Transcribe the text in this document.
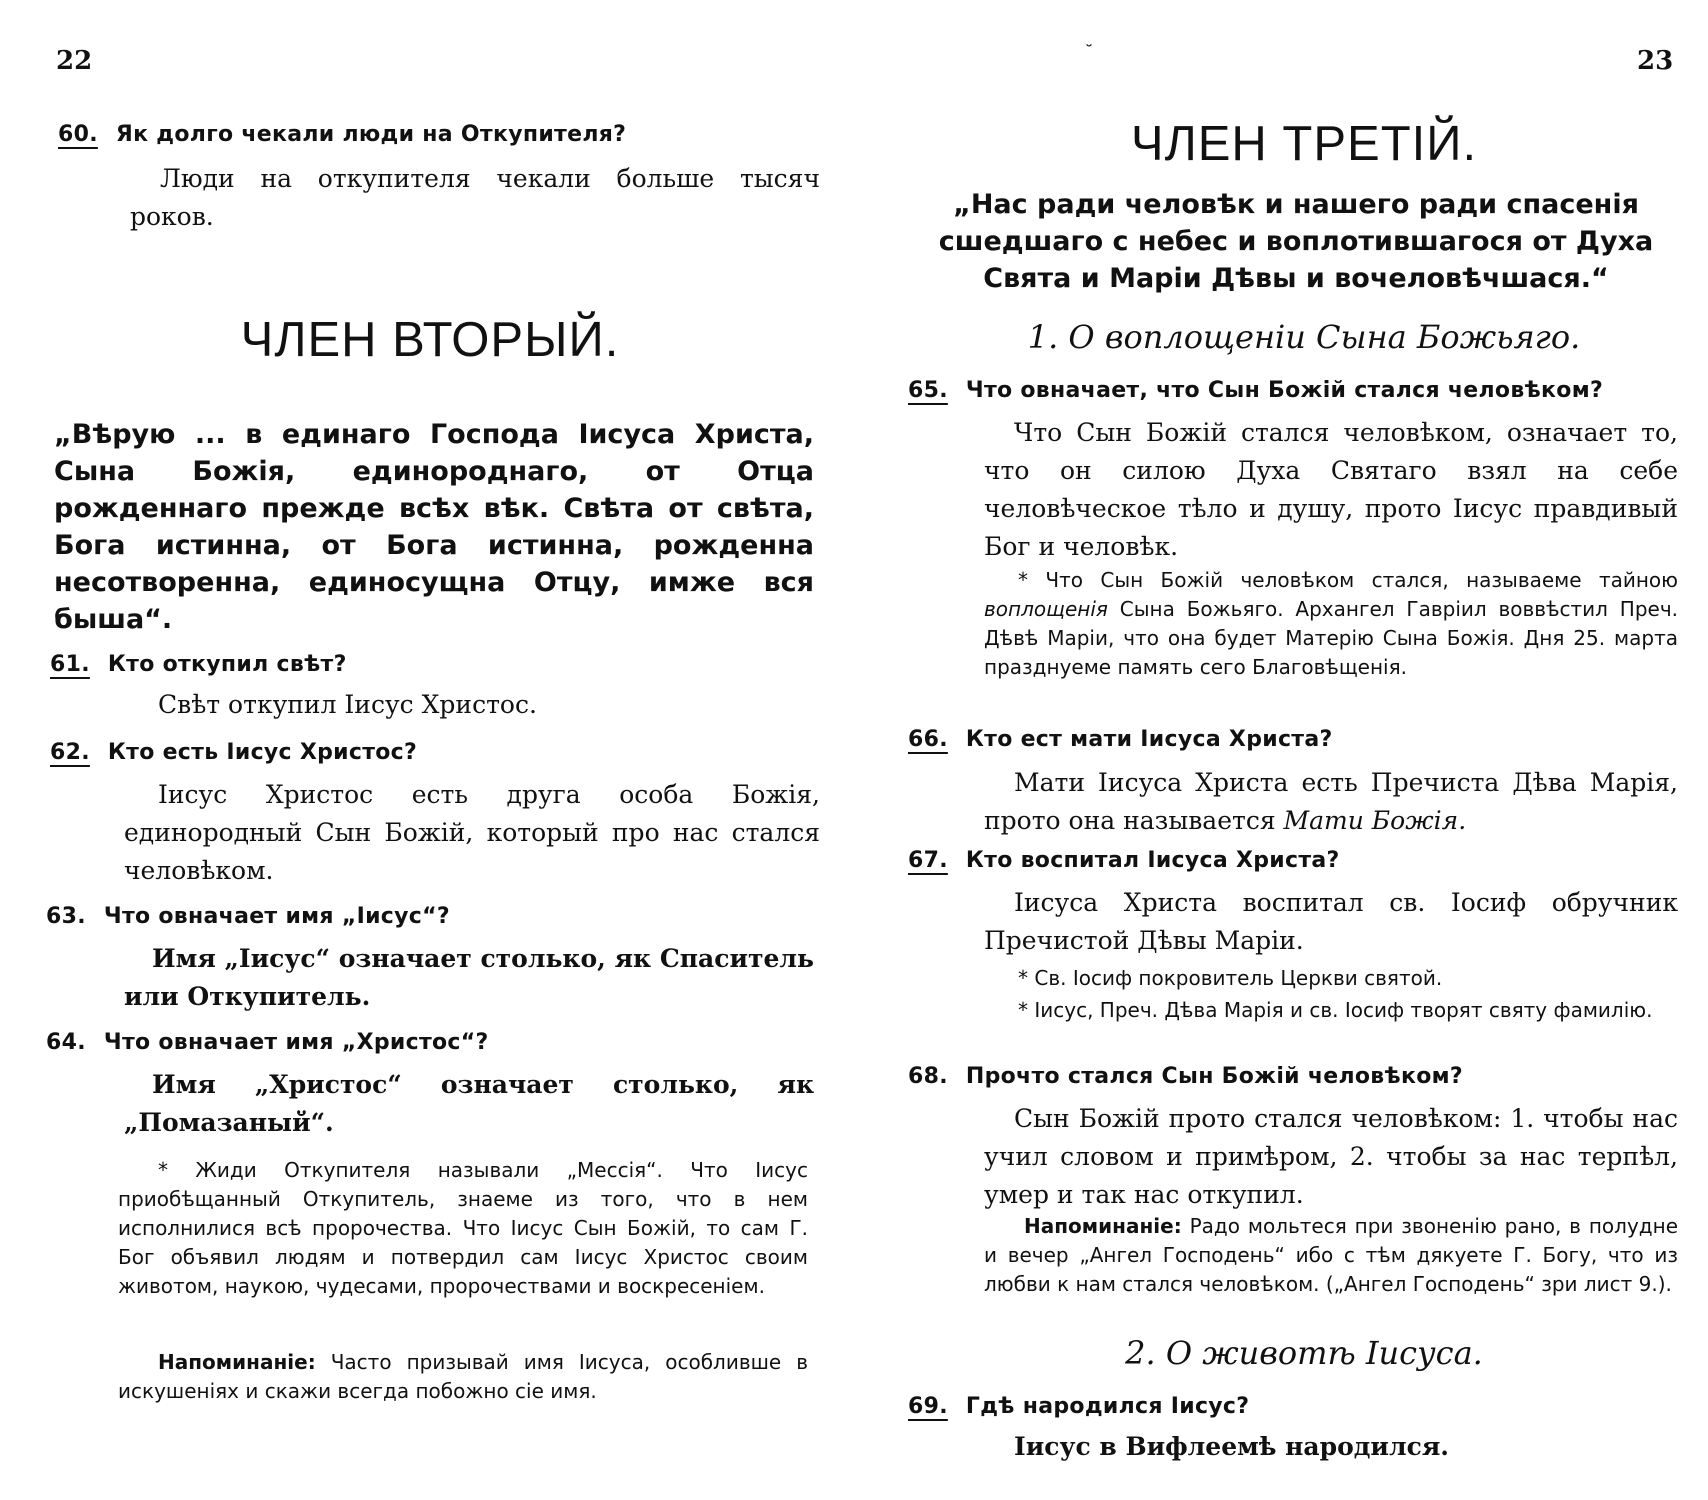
22
60. Як долго чекали люди на Откупителя?
Люди на откупителя чекали больше тысяч роков.
ЧЛЕН ВТОРЫЙ.
„Вѣрую ... в единаго Господа Іисуса Христа, Сына Божія, единороднаго, от Отца рожденнаго прежде всѣх вѣк. Свѣта от свѣта, Бога истинна, от Бога истинна, рожденна несотворенна, единосущна Отцу, имже вся быша“.
61. Кто откупил свѣт?
Свѣт откупил Іисус Христос.
62. Кто есть Іисус Христос?
Іисус Христос есть друга особа Божія, единородный Сын Божій, который про нас стался человѣком.
63. Что овначает имя „Іисус“?
Имя „Іисус“ означает столько, як Спаситель или Откупитель.
64. Что овначает имя „Христос“?
Имя „Христос“ означает столько, як „Помазаный“.
* Жиди Откупителя называли „Мессія“. Что Іисус приобѣщанный Откупитель, знаеме из того, что в нем исполнилися всѣ пророчества. Что Іисус Сын Божій, то сам Г. Бог объявил людям и потвердил сам Іисус Христос своим животом, наукою, чудесами, пророчествами и воскресеніем.
Напоминаніе: Часто призывай имя Іисуса, особливше в искушеніях и скажи всегда побожно сіе имя.
˘	23
ЧЛЕН ТРЕТІЙ.
„Нас ради человѣк и нашего ради спасенія сшедшаго с небес и воплотившагося от Духа Свята и Маріи Дѣвы и вочеловѣчшася.“
1. О воплощеніи Сына Божьяго.
65. Что овначает, что Сын Божій стался человѣком?
Что Сын Божій стался человѣком, означает то, что он силою Духа Святаго взял на себе человѣческое тѣло и душу, прото Іисус правдивый Бог и человѣк.
* Что Сын Божій человѣком стался, называеме тайною воплощенія Сына Божьяго. Архангел Гавріил воввѣстил Преч. Дѣвѣ Маріи, что она будет Матерію Сына Божія. Дня 25. марта празднуеме память сего Благовѣщенія.
66. Кто ест мати Іисуса Христа?
Мати Іисуса Христа есть Пречиста Дѣва Марія, прото она называется Мати Божія.
67. Кто воспитал Іисуса Христа?
Іисуса Христа воспитал св. Іосиф обручник Пречистой Дѣвы Маріи.
* Св. Іосиф покровитель Церкви святой.
* Іисус, Преч. Дѣва Марія и св. Іосиф творят святу фамилію.
68. Прочто стался Сын Божій человѣком?
Сын Божій прото стался человѣком: 1. чтобы нас учил словом и примѣром, 2. чтобы за нас терпѣл, умер и так нас откупил.
Напоминаніе: Радо мольтеся при звоненію рано, в полудне и вечер „Ангел Господень“ ибо с тѣм дякуете Г. Богу, что из любви к нам стался человѣком. („Ангел Господень“ зри лист 9.).
2. О животѣ Іисуса.
69. Гдѣ народился Іисус?
Іисус в Вифлеемѣ народился.
